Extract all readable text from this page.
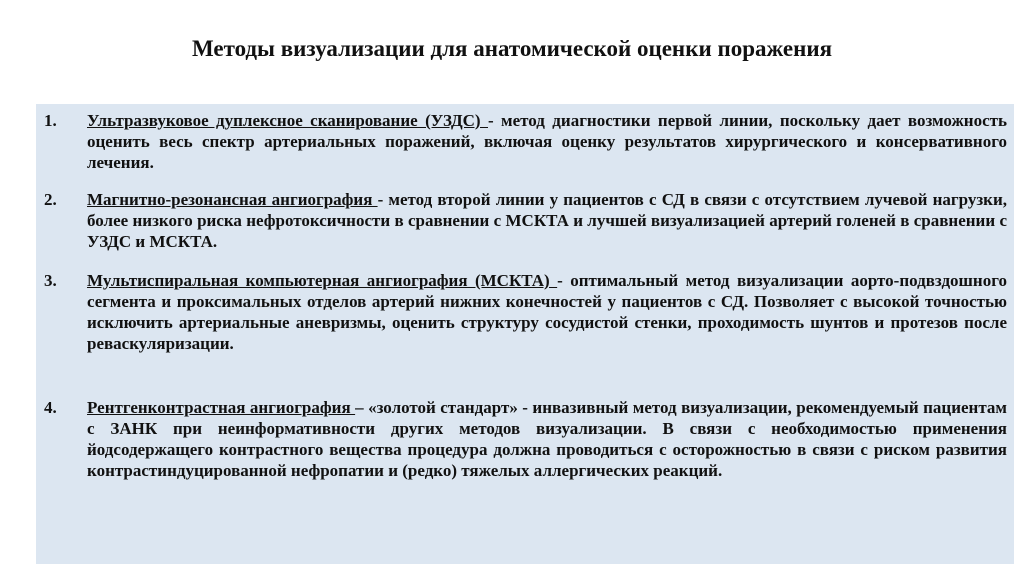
Методы визуализации для анатомической оценки поражения
1.	Ультразвуковое дуплексное сканирование (УЗДС) - метод диагностики первой линии, поскольку дает возможность оценить весь спектр артериальных поражений, включая оценку результатов хирургического и консервативного лечения.
2.	Магнитно-резонансная ангиография - метод второй линии у пациентов с СД в связи с отсутствием лучевой нагрузки, более низкого риска нефротоксичности в сравнении с МСКТА и лучшей визуализацией артерий голеней в сравнении с УЗДС и МСКТА.
3.	Мультиспиральная компьютерная ангиография (МСКТА) - оптимальный метод визуализации аорто-подвздошного сегмента и проксимальных отделов артерий нижних конечностей у пациентов с СД. Позволяет с высокой точностью исключить артериальные аневризмы, оценить структуру сосудистой стенки, проходимость шунтов и протезов после реваскуляризации.
4.	Рентгенконтрастная ангиография – «золотой стандарт» - инвазивный метод визуализации, рекомендуемый пациентам с ЗАНК при неинформативности других методов визуализации. В связи с необходимостью применения йодсодержащего контрастного вещества процедура должна проводиться с осторожностью в связи с риском развития контрастиндуцированной нефропатии и (редко) тяжелых аллергических реакций.
